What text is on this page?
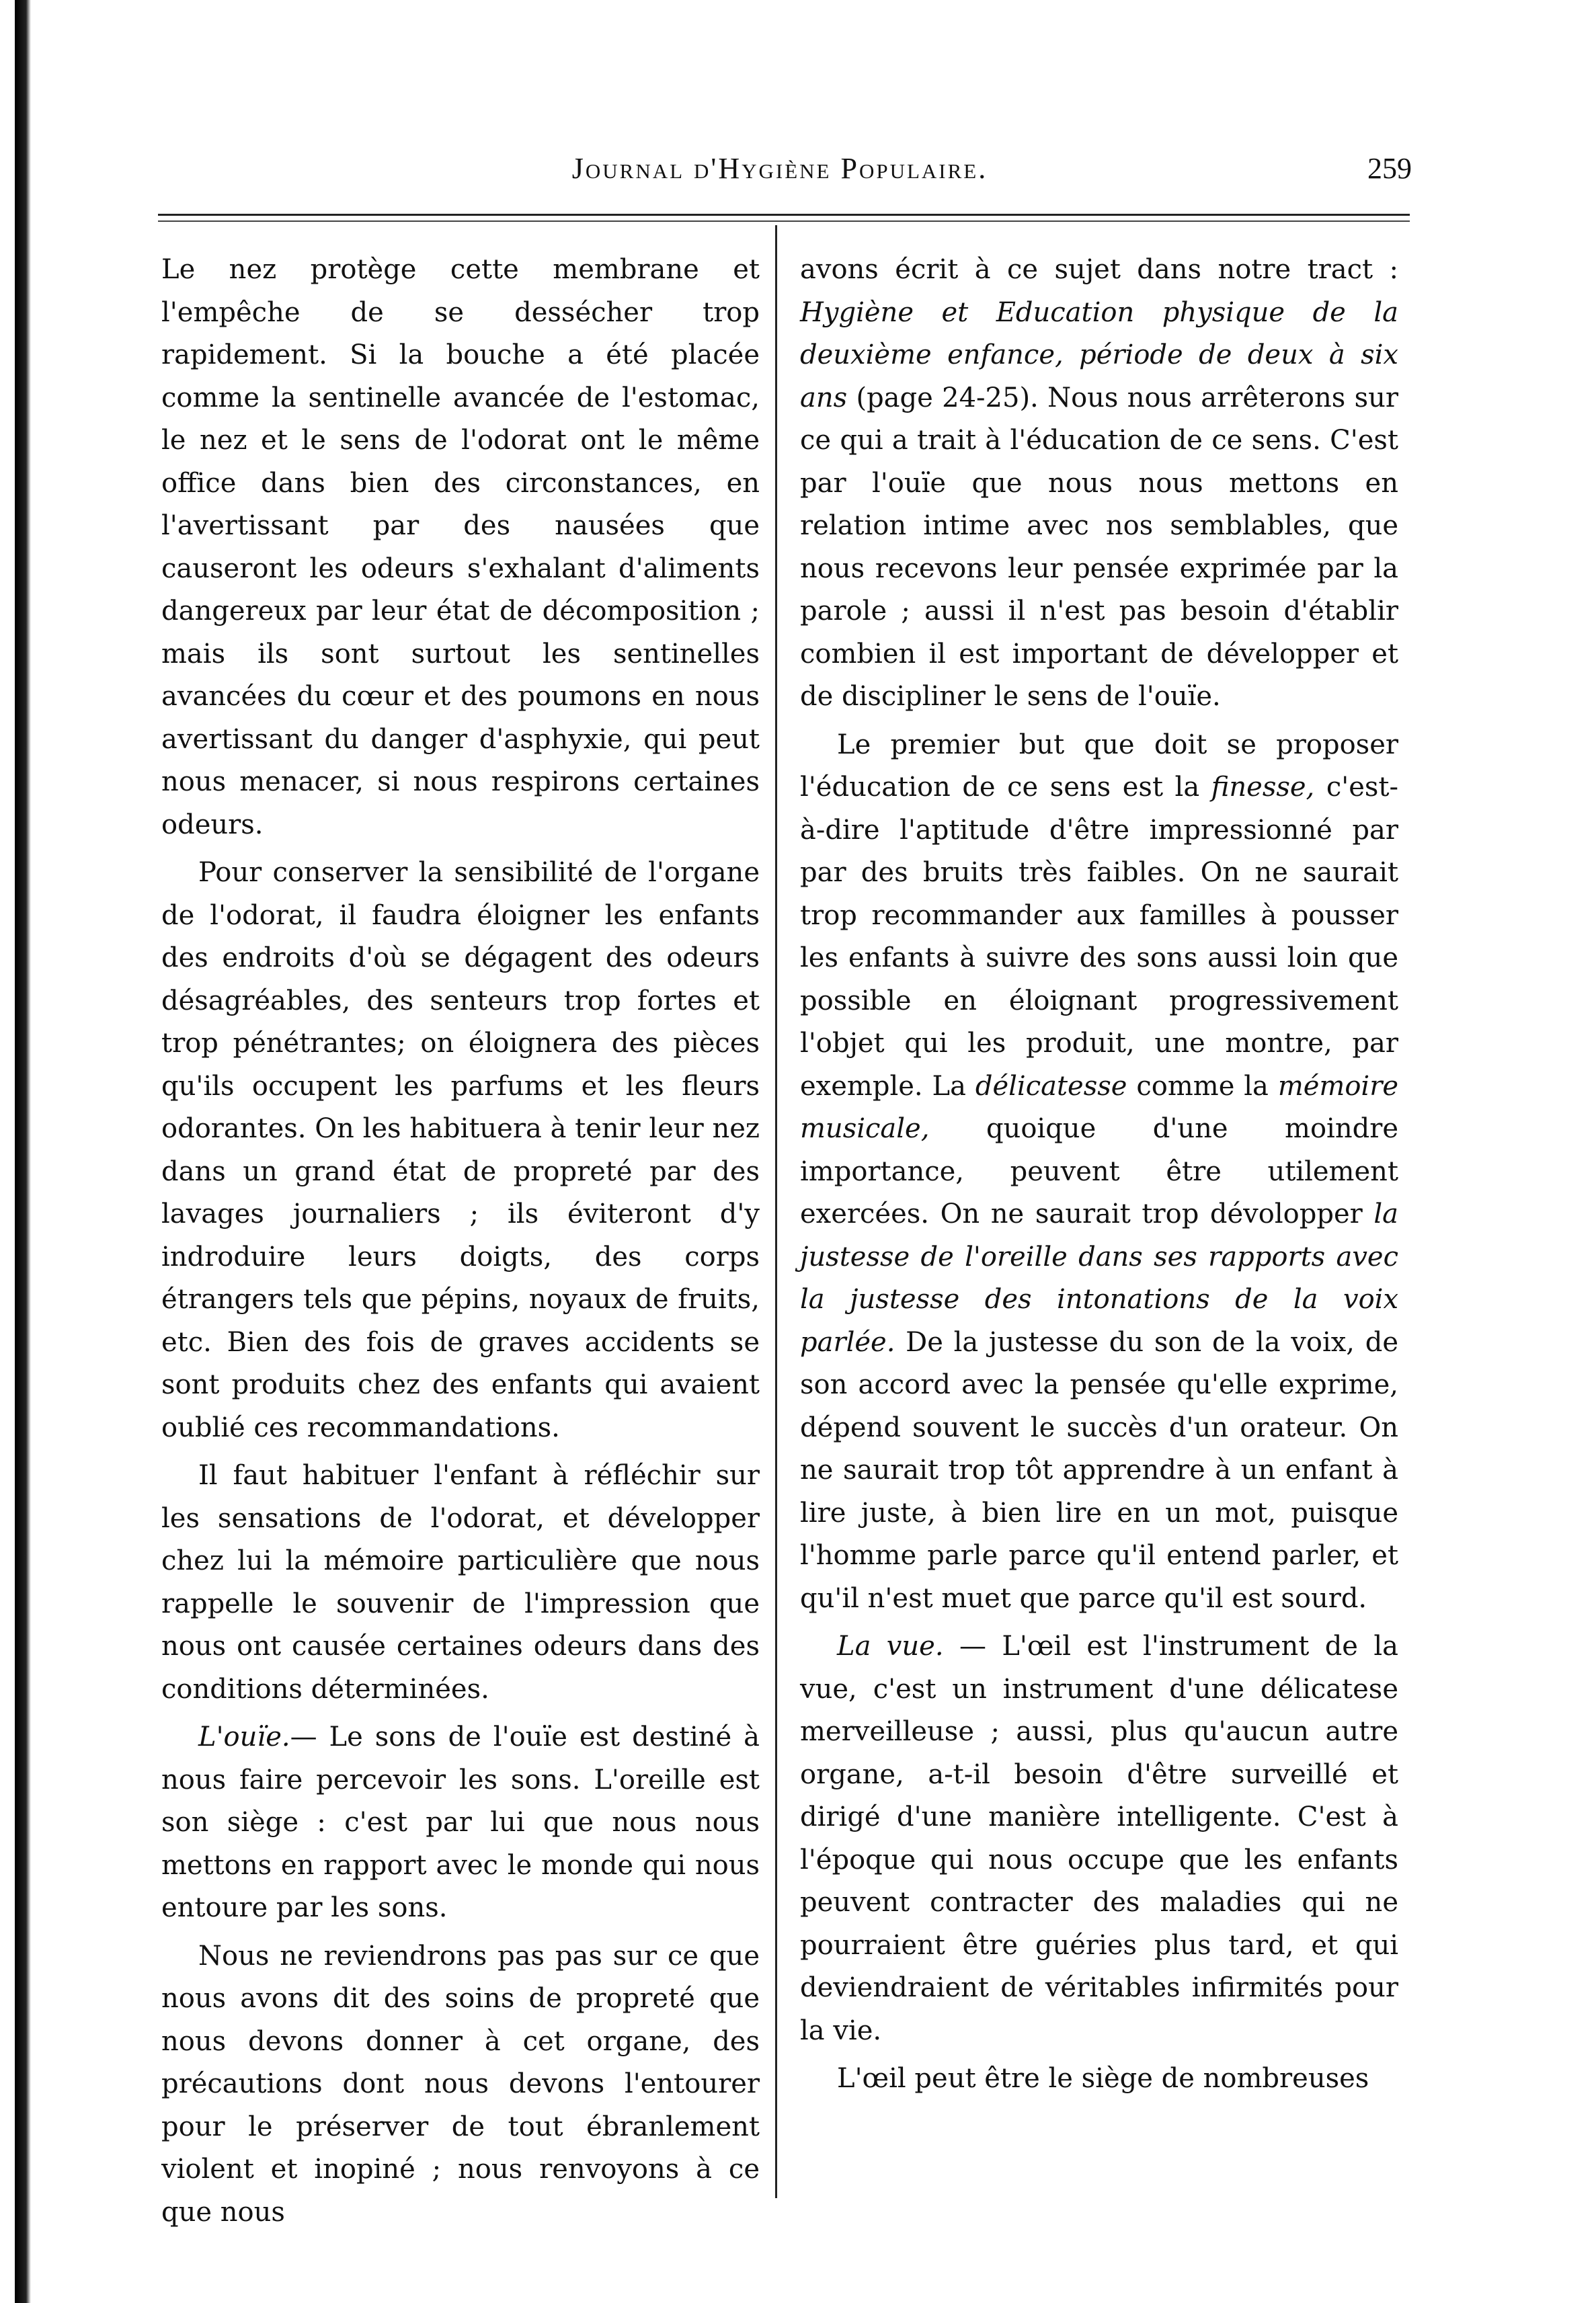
Journal d'Hygiène Populaire.	259

Le nez protège cette membrane et l'empêche de se dessécher trop rapidement. Si la bouche a été placée comme la sentinelle avancée de l'estomac, le nez et le sens de l'odorat ont le même office dans bien des circonstances, en l'avertissant par des nausées que causeront les odeurs s'exhalant d'aliments dangereux par leur état de décomposition ; mais ils sont surtout les sentinelles avancées du cœur et des poumons en nous avertissant du danger d'asphyxie, qui peut nous menacer, si nous respirons certaines odeurs.

Pour conserver la sensibilité de l'organe de l'odorat, il faudra éloigner les enfants des endroits d'où se dégagent des odeurs désagréables, des senteurs trop fortes et trop pénétrantes; on éloignera des pièces qu'ils occupent les parfums et les fleurs odorantes. On les habituera à tenir leur nez dans un grand état de propreté par des lavages journaliers ; ils éviteront d'y indroduire leurs doigts, des corps étrangers tels que pépins, noyaux de fruits, etc. Bien des fois de graves accidents se sont produits chez des enfants qui avaient oublié ces recommandations.

Il faut habituer l'enfant à réfléchir sur les sensations de l'odorat, et développer chez lui la mémoire particulière que nous rappelle le souvenir de l'impression que nous ont causée certaines odeurs dans des conditions déterminées.

L'ouïe.— Le sons de l'ouïe est destiné à nous faire percevoir les sons. L'oreille est son siège : c'est par lui que nous nous mettons en rapport avec le monde qui nous entoure par les sons.

Nous ne reviendrons pas pas sur ce que nous avons dit des soins de propreté que nous devons donner à cet organe, des précautions dont nous devons l'entourer pour le préserver de tout ébranlement violent et inopiné ; nous renvoyons à ce que nous

avons écrit à ce sujet dans notre tract : Hygiène et Education physique de la deuxième enfance, période de deux à six ans (page 24-25). Nous nous arrêterons sur ce qui a trait à l'éducation de ce sens. C'est par l'ouïe que nous nous mettons en relation intime avec nos semblables, que nous recevons leur pensée exprimée par la parole ; aussi il n'est pas besoin d'établir combien il est important de développer et de discipliner le sens de l'ouïe.

Le premier but que doit se proposer l'éducation de ce sens est la finesse, c'est-à-dire l'aptitude d'être impressionné par par des bruits très faibles. On ne saurait trop recommander aux familles à pousser les enfants à suivre des sons aussi loin que possible en éloignant progressivement l'objet qui les produit, une montre, par exemple. La délicatesse comme la mémoire musicale, quoique d'une moindre importance, peuvent être utilement exercées. On ne saurait trop dévolopper la justesse de l'oreille dans ses rapports avec la justesse des intonations de la voix parlée. De la justesse du son de la voix, de son accord avec la pensée qu'elle exprime, dépend souvent le succès d'un orateur. On ne saurait trop tôt apprendre à un enfant à lire juste, à bien lire en un mot, puisque l'homme parle parce qu'il entend parler, et qu'il n'est muet que parce qu'il est sourd.

La vue. — L'œil est l'instrument de la vue, c'est un instrument d'une délicatese merveilleuse ; aussi, plus qu'aucun autre organe, a-t-il besoin d'être surveillé et dirigé d'une manière intelligente. C'est à l'époque qui nous occupe que les enfants peuvent contracter des maladies qui ne pourraient être guéries plus tard, et qui deviendraient de véritables infirmités pour la vie.

L'œil peut être le siège de nombreuses
